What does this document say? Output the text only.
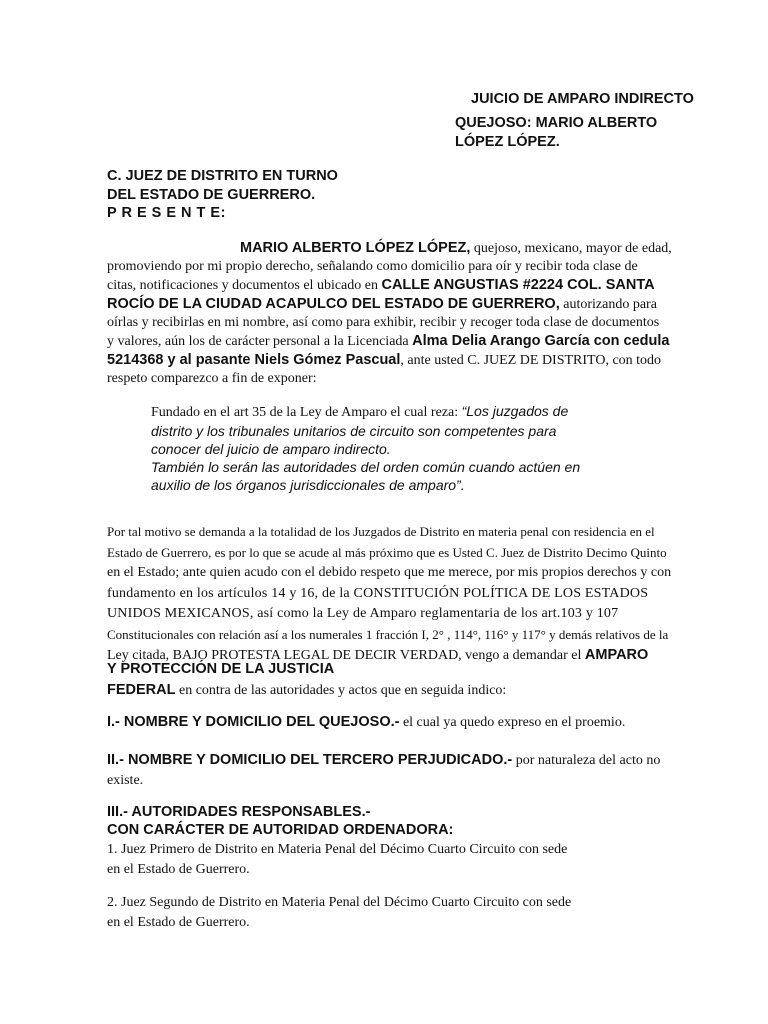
JUICIO DE AMPARO INDIRECTO
QUEJOSO: MARIO ALBERTO
LÓPEZ LÓPEZ.
C. JUEZ DE DISTRITO EN TURNO
DEL ESTADO DE GUERRERO.
P R E S E N T E:
MARIO ALBERTO LÓPEZ LÓPEZ, quejoso, mexicano, mayor de edad,
promoviendo por mi propio derecho, señalando como domicilio para oír y recibir toda clase de
citas, notificaciones y documentos el ubicado en CALLE ANGUSTIAS #2224 COL. SANTA
ROCÍO DE LA CIUDAD ACAPULCO DEL ESTADO DE GUERRERO, autorizando para
oírlas y recibirlas en mi nombre, así como para exhibir, recibir y recoger toda clase de documentos
y valores, aún los de carácter personal a la Licenciada Alma Delia Arango García con cedula
5214368 y al pasante Niels Gómez Pascual, ante usted C. JUEZ DE DISTRITO, con todo
respeto comparezco a fin de exponer:
Fundado en el art 35 de la Ley de Amparo el cual reza: “Los juzgados de
distrito y los tribunales unitarios de circuito son competentes para
conocer del juicio de amparo indirecto.
También lo serán las autoridades del orden común cuando actúen en
auxilio de los órganos jurisdiccionales de amparo”.
Por tal motivo se demanda a la totalidad de los Juzgados de Distrito en materia penal con residencia en el
Estado de Guerrero, es por lo que se acude al más próximo que es Usted C. Juez de Distrito Decimo Quinto
en el Estado; ante quien acudo con el debido respeto que me merece, por mis propios derechos y con
fundamento en los artículos 14 y 16, de la CONSTITUCIÓN POLÍTICA DE LOS ESTADOS
UNIDOS MEXICANOS, así como la Ley de Amparo reglamentaria de los art.103 y 107
Constitucionales con relación así a los numerales 1 fracción I, 2° , 114°, 116° y 117° y demás relativos de la
Ley citada, BAJO PROTESTA LEGAL DE DECIR VERDAD, vengo a demandar el AMPARO
Y PROTECCIÓN DE LA JUSTICIA
FEDERAL en contra de las autoridades y actos que en seguida indico:
I.- NOMBRE Y DOMICILIO DEL QUEJOSO.- el cual ya quedo expreso en el proemio.
II.- NOMBRE Y DOMICILIO DEL TERCERO PERJUDICADO.- por naturaleza del acto no
existe.
III.- AUTORIDADES RESPONSABLES.-
CON CARÁCTER DE AUTORIDAD ORDENADORA:
1. Juez Primero de Distrito en Materia Penal del Décimo Cuarto Circuito con sede
en el Estado de Guerrero.
2. Juez Segundo de Distrito en Materia Penal del Décimo Cuarto Circuito con sede
en el Estado de Guerrero.
